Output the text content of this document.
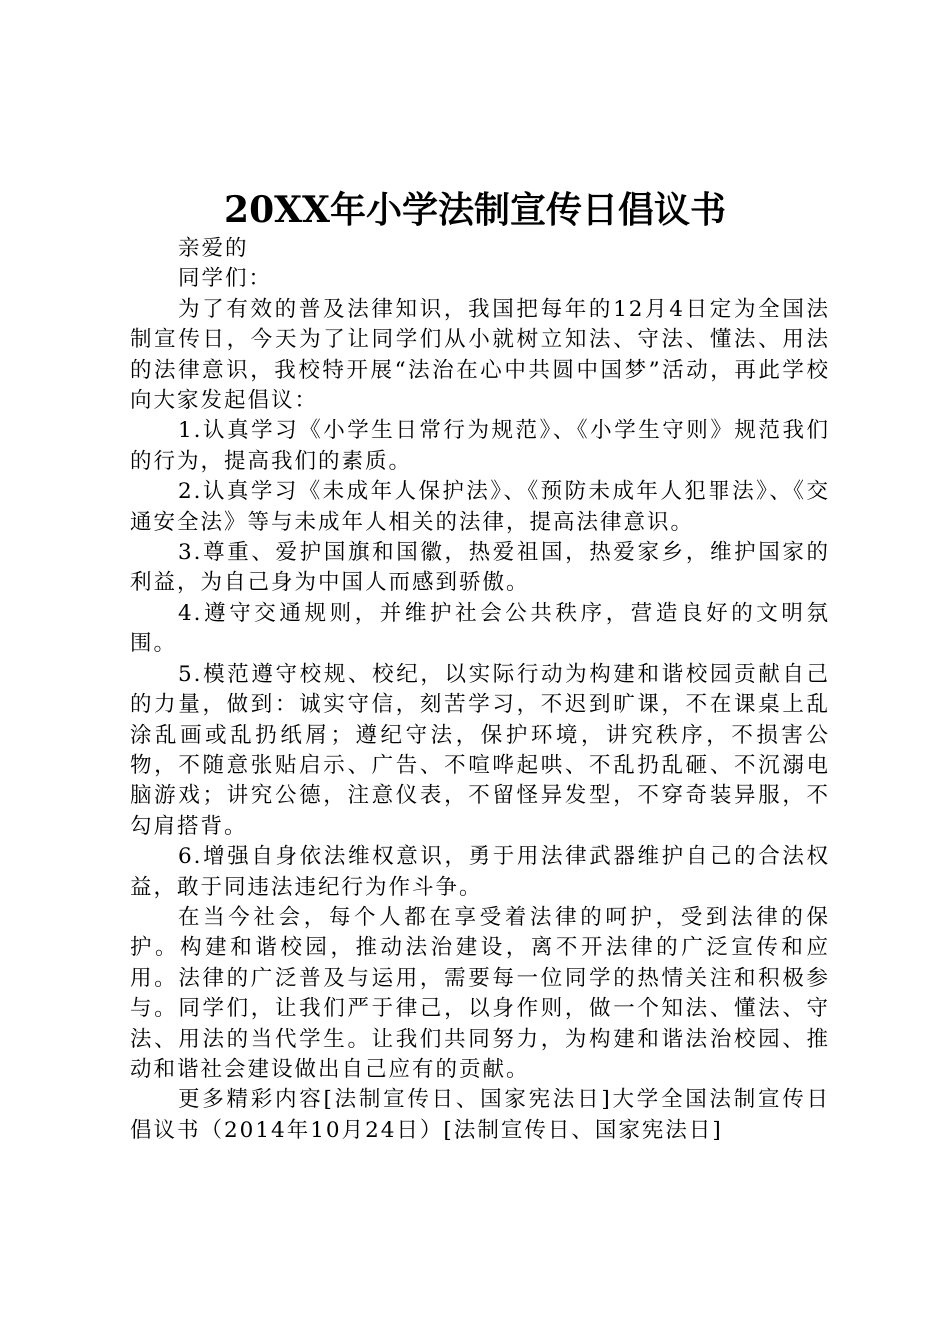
20XX年小学法制宣传日倡议书

亲爱的

同学们：

为了有效的普及法律知识，我国把每年的12月4日定为全国法制宣传日，今天为了让同学们从小就树立知法、守法、懂法、用法的法律意识，我校特开展“法治在心中共圆中国梦”活动，再此学校向大家发起倡议：

1.认真学习《小学生日常行为规范》、《小学生守则》规范我们的行为，提高我们的素质。

2.认真学习《未成年人保护法》、《预防未成年人犯罪法》、《交通安全法》等与未成年人相关的法律，提高法律意识。

3.尊重、爱护国旗和国徽，热爱祖国，热爱家乡，维护国家的利益，为自己身为中国人而感到骄傲。

4.遵守交通规则，并维护社会公共秩序，营造良好的文明氛围。

5.模范遵守校规、校纪，以实际行动为构建和谐校园贡献自己的力量，做到：诚实守信，刻苦学习，不迟到旷课，不在课桌上乱涂乱画或乱扔纸屑；遵纪守法，保护环境，讲究秩序，不损害公物，不随意张贴启示、广告、不喧哗起哄、不乱扔乱砸、不沉溺电脑游戏；讲究公德，注意仪表，不留怪异发型，不穿奇装异服，不勾肩搭背。

6.增强自身依法维权意识，勇于用法律武器维护自己的合法权益，敢于同违法违纪行为作斗争。

在当今社会，每个人都在享受着法律的呵护，受到法律的保护。构建和谐校园，推动法治建设，离不开法律的广泛宣传和应用。法律的广泛普及与运用，需要每一位同学的热情关注和积极参与。同学们，让我们严于律己，以身作则，做一个知法、懂法、守法、用法的当代学生。让我们共同努力，为构建和谐法治校园、推动和谐社会建设做出自己应有的贡献。

更多精彩内容[法制宣传日、国家宪法日]大学全国法制宣传日倡议书（2014年10月24日）[法制宣传日、国家宪法日]
